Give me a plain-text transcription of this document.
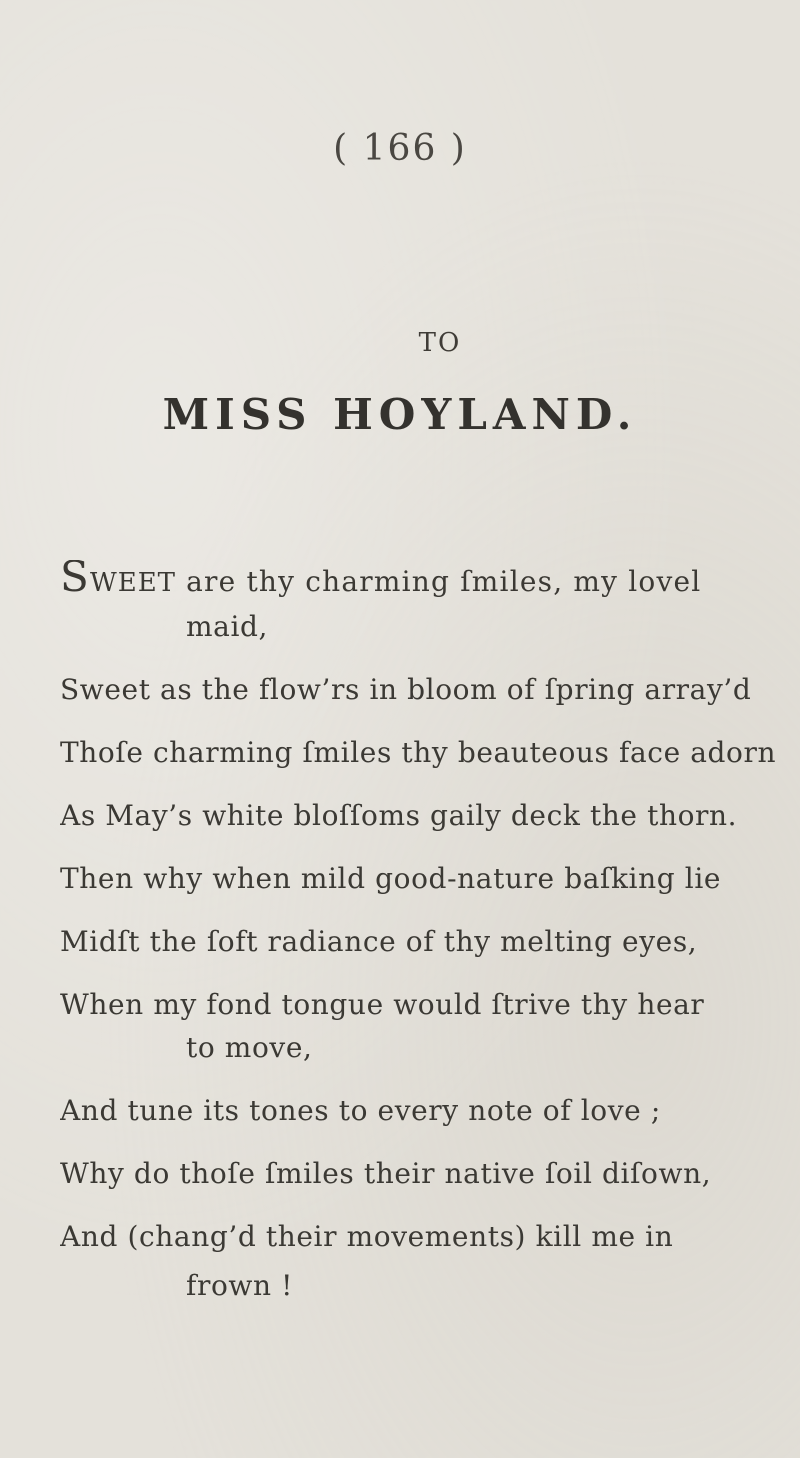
( 166 )
TO
MISS HOYLAND.
SWEET are thy charming ſmiles, my lovel
maid,
Sweet as the flow’rs in bloom of ſpring array’d
Thoſe charming ſmiles thy beauteous face adorn
As May’s white bloſſoms gaily deck the thorn.
Then why when mild good-nature baſking lie
Midſt the ſoft radiance of thy melting eyes,
When my fond tongue would ſtrive thy hear
to move,
And tune its tones to every note of love ;
Why do thoſe ſmiles their native ſoil diſown,
And (chang’d their movements) kill me in
frown !
